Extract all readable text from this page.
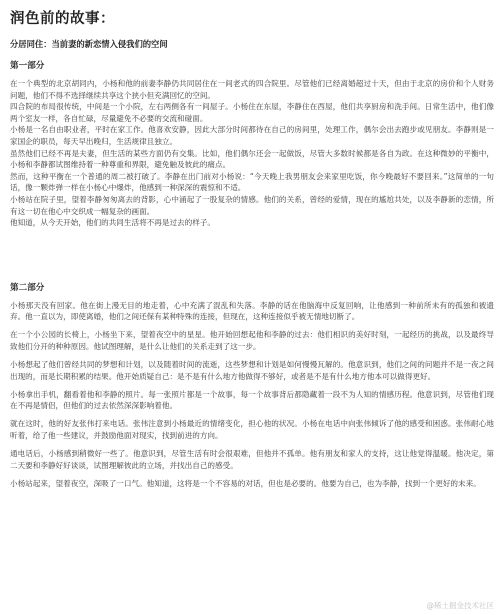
润色前的故事：
分居同住：当前妻的新恋情入侵我们的空间
第一部分

在一个典型的北京胡同内，小杨和他的前妻李静仍共同居住在一间老式的四合院里。尽管他们已经离婚超过十天，但由于北京的房价和个人财务问题，他们不得不选择继续共享这个狭小但充满回忆的空间。

四合院的布局很传统，中间是一个小院，左右两侧各有一间屋子。小杨住在东屋，李静住在西屋，他们共享厨房和洗手间。日常生活中，他们像两个室友一样，各自忙碌，尽量避免不必要的交流和碰面。

小杨是一名自由职业者，平时在家工作。他喜欢安静，因此大部分时间都待在自己的房间里，处理工作，偶尔会出去跑步或见朋友。李静则是一家国企的职员，每天早出晚归，生活规律且独立。

虽然他们已经不再是夫妻，但生活的某些方面仍有交集。比如，他们偶尔还会一起做饭，尽管大多数时候都是各自为政。在这种微妙的平衡中，小杨和李静都试图维持着一种尊重和界限，避免触及彼此的痛点。

然而，这种平衡在一个普通的周二被打破了。李静在出门前对小杨说：“今天晚上我男朋友会来家里吃饭，你今晚最好不要回来。”这简单的一句话，像一颗炸弹一样在小杨心中爆炸，他感到一种深深的震惊和不适。

小杨站在院子里，望着李静匆匆离去的背影，心中涌起了一股复杂的情感。他们的关系，曾经的爱情，现在的尴尬共处，以及李静新的恋情，所有这一切在他心中交织成一幅复杂的画面。

他知道，从今天开始，他们的共同生活将不再是过去的样子。

第二部分

小杨那天没有回家。他在街上漫无目的地走着，心中充满了混乱和失落。李静的话在他脑海中反复回响，让他感到一种前所未有的孤独和被遗弃。他一直以为，即使离婚，他们之间还保有某种特殊的连接，但现在，这种连接似乎被无情地切断了。

在一个小公园的长椅上，小杨坐下来，望着夜空中的星星。他开始回想起他和李静的过去：他们相识的美好时刻，一起经历的挑战，以及最终导致他们分开的种种原因。他试图理解，是什么让他们的关系走到了这一步。

小杨想起了他们曾经共同的梦想和计划，以及随着时间的流逝，这些梦想和计划是如何慢慢瓦解的。他意识到，他们之间的问题并不是一夜之间出现的，而是长期积累的结果。他开始质疑自己：是不是有什么地方他做得不够好，或者是不是有什么地方他本可以做得更好。

小杨拿出手机，翻看着他和李静的照片。每一张照片都是一个故事，每一个故事背后都隐藏着一段不为人知的情感历程。他意识到，尽管他们现在不再是情侣，但他们的过去依然深深影响着他。

就在这时，他的好友张伟打来电话。张伟注意到小杨最近的情绪变化，担心他的状况。小杨在电话中向张伟倾诉了他的感受和困惑。张伟耐心地听着，给了他一些建议，并鼓励他面对现实，找到前进的方向。

通电话后，小杨感到稍微好一些了。他意识到，尽管生活有时会很艰难，但他并不孤单。他有朋友和家人的支持，这让他觉得温暖。他决定，第二天要和李静好好谈谈，试图理解彼此的立场，并找出自己的感受。

小杨站起来，望着夜空，深吸了一口气。他知道，这将是一个不容易的对话，但也是必要的。他要为自己，也为李静，找到一个更好的未来。

@稀土掘金技术社区
